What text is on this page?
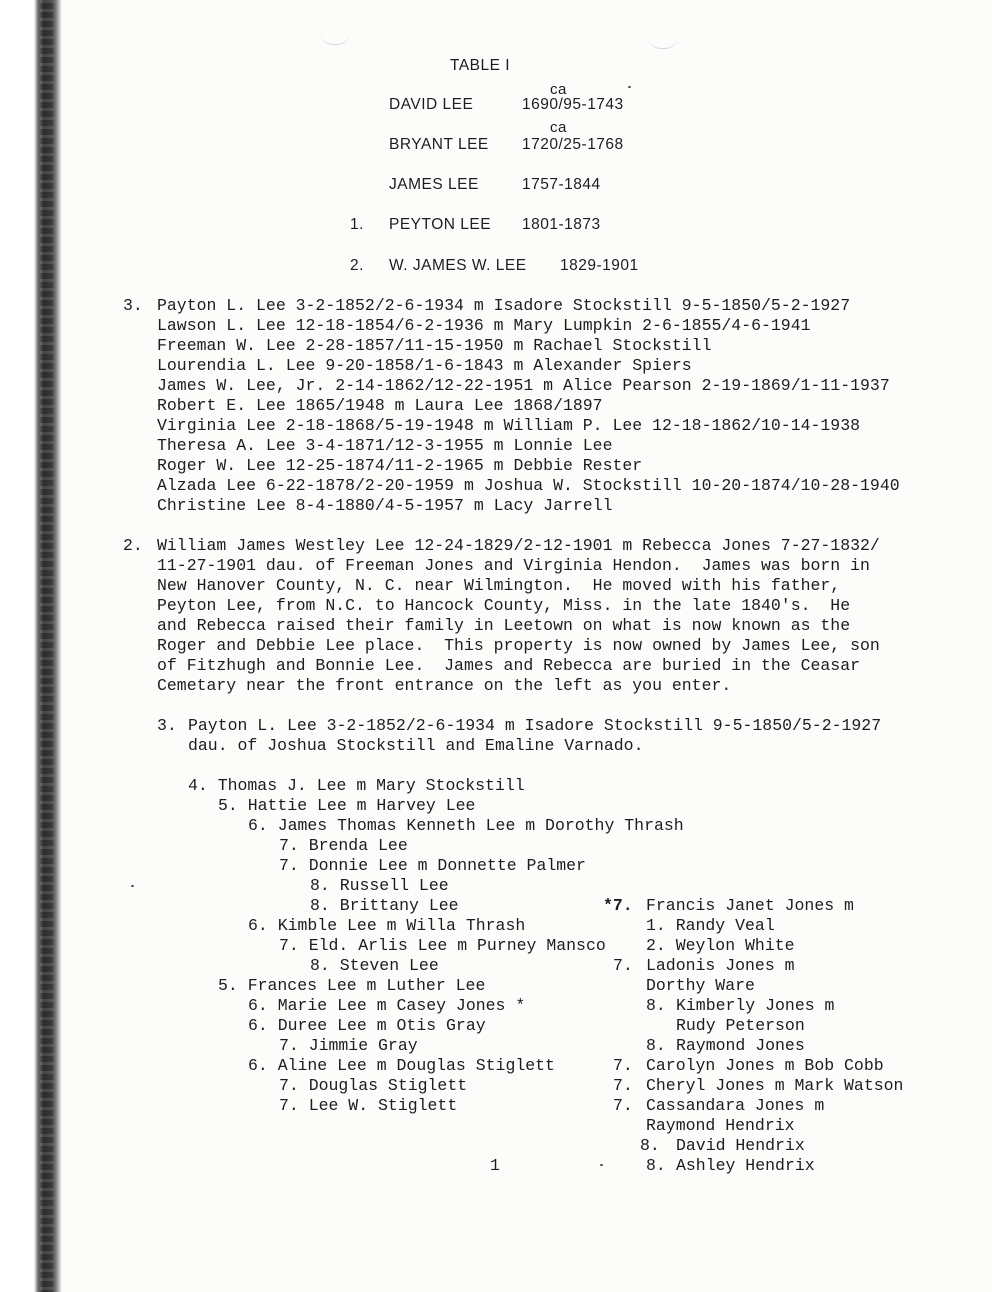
TABLE I
ca
DAVID LEE	1690/95-1743
ca
BRYANT LEE 1720/25-1768
JAMES LEE	1757-1844
1. PEYTON LEE 1801-1873
2. W. JAMES W. LEE 1829-1901
3. Payton L. Lee 3-2-1852/2-6-1934 m Isadore Stockstill 9-5-1850/5-2-1927
Lawson L. Lee 12-18-1854/6-2-1936 m Mary Lumpkin 2-6-1855/4-6-1941
Freeman W. Lee 2-28-1857/11-15-1950 m Rachael Stockstill
Lourendia L. Lee 9-20-1858/1-6-1843 m Alexander Spiers
James W. Lee, Jr. 2-14-1862/12-22-1951 m Alice Pearson 2-19-1869/1-11-1937
Robert E. Lee 1865/1948 m Laura Lee 1868/1897
Virginia Lee 2-18-1868/5-19-1948 m William P. Lee 12-18-1862/10-14-1938
Theresa A. Lee 3-4-1871/12-3-1955 m Lonnie Lee
Roger W. Lee 12-25-1874/11-2-1965 m Debbie Rester
Alzada Lee 6-22-1878/2-20-1959 m Joshua W. Stockstill 10-20-1874/10-28-1940
Christine Lee 8-4-1880/4-5-1957 m Lacy Jarrell
2. William James Westley Lee 12-24-1829/2-12-1901 m Rebecca Jones 7-27-1832/
11-27-1901 dau. of Freeman Jones and Virginia Hendon.  James was born in
New Hanover County, N. C. near Wilmington.  He moved with his father,
Peyton Lee, from N.C. to Hancock County, Miss. in the late 1840's.  He
and Rebecca raised their family in Leetown on what is now known as the
Roger and Debbie Lee place.  This property is now owned by James Lee, son
of Fitzhugh and Bonnie Lee.  James and Rebecca are buried in the Ceasar
Cemetary near the front entrance on the left as you enter.
3. Payton L. Lee 3-2-1852/2-6-1934 m Isadore Stockstill 9-5-1850/5-2-1927
dau. of Joshua Stockstill and Emaline Varnado.
4. Thomas J. Lee m Mary Stockstill
5. Hattie Lee m Harvey Lee
6. James Thomas Kenneth Lee m Dorothy Thrash
7. Brenda Lee
7. Donnie Lee m Donnette Palmer
8. Russell Lee
8. Brittany Lee
6. Kimble Lee m Willa Thrash
7. Eld. Arlis Lee m Purney Mansco
8. Steven Lee
5. Frances Lee m Luther Lee
6. Marie Lee m Casey Jones *
6. Duree Lee m Otis Gray
7. Jimmie Gray
6. Aline Lee m Douglas Stiglett
7. Douglas Stiglett
7. Lee W. Stiglett
*7. Francis Janet Jones m
1. Randy Veal
2. Weylon White
7. Ladonis Jones m
Dorthy Ware
8. Kimberly Jones m
Rudy Peterson
8. Raymond Jones
7. Carolyn Jones m Bob Cobb
7. Cheryl Jones m Mark Watson
7. Cassandara Jones m
Raymond Hendrix
8. David Hendrix
8. Ashley Hendrix
1
